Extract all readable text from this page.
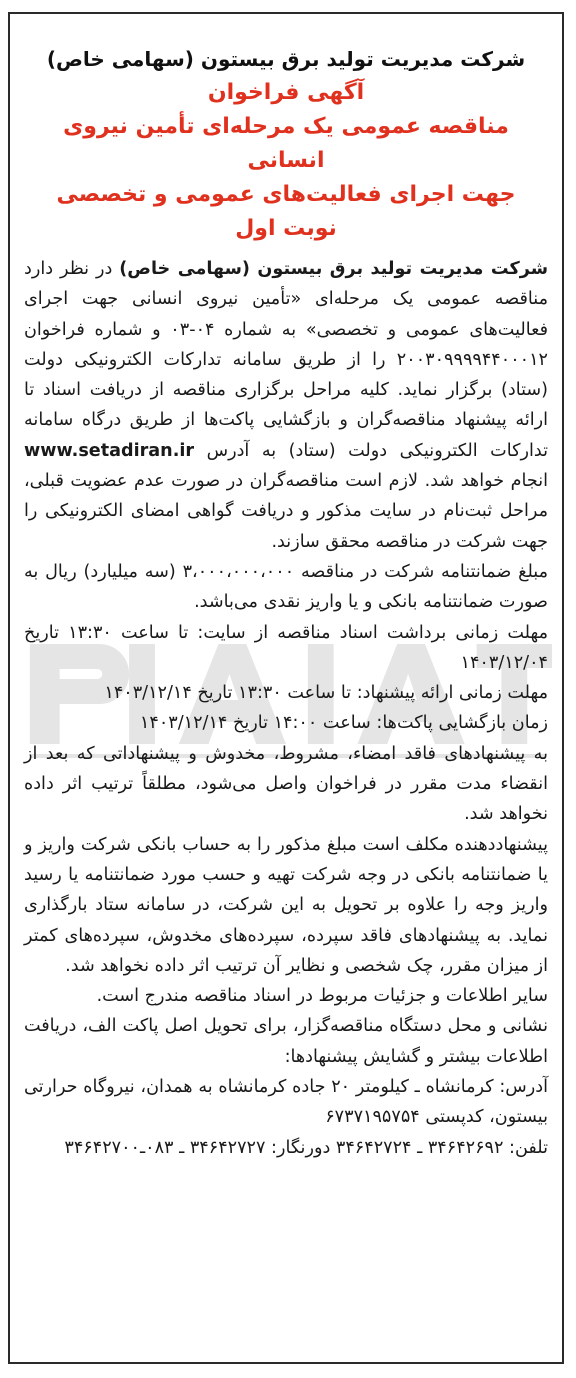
شرکت مدیریت تولید برق بیستون (سهامی خاص)
آگهی فراخوان
مناقصه عمومی یک مرحله‌ای تأمین نیروی انسانی
جهت اجرای فعالیت‌های عمومی و تخصصی
نوبت اول

شرکت مدیریت تولید برق بیستون (سهامی خاص) در نظر دارد مناقصه عمومی یک مرحله‌ای «تأمین نیروی انسانی جهت اجرای فعالیت‌های عمومی و تخصصی» به شماره ۰۴-۰۳ و شماره فراخوان ۲۰۰۳۰۹۹۹۹۴۴۰۰۰۱۲ را از طریق سامانه تدارکات الکترونیکی دولت (ستاد) برگزار نماید. کلیه مراحل برگزاری مناقصه از دریافت اسناد تا ارائه پیشنهاد مناقصه‌گران و بازگشایی پاکت‌ها از طریق درگاه سامانه تدارکات الکترونیکی دولت (ستاد) به آدرس www.setadiran.ir انجام خواهد شد. لازم است مناقصه‌گران در صورت عدم عضویت قبلی، مراحل ثبت‌نام در سایت مذکور و دریافت گواهی امضای الکترونیکی را جهت شرکت در مناقصه محقق سازند.

مبلغ ضمانتنامه شرکت در مناقصه ۳،۰۰۰،۰۰۰،۰۰۰ (سه میلیارد) ریال به صورت ضمانتنامه بانکی و یا واریز نقدی می‌باشد.

مهلت زمانی برداشت اسناد مناقصه از سایت: تا ساعت ۱۳:۳۰ تاریخ ۱۴۰۳/۱۲/۰۴

مهلت زمانی ارائه پیشنهاد: تا ساعت ۱۳:۳۰ تاریخ ۱۴۰۳/۱۲/۱۴

زمان بازگشایی پاکت‌ها: ساعت ۱۴:۰۰ تاریخ ۱۴۰۳/۱۲/۱۴

به پیشنهادهای فاقد امضاء، مشروط، مخدوش و پیشنهاداتی که بعد از انقضاء مدت مقرر در فراخوان واصل می‌شود، مطلقاً ترتیب اثر داده نخواهد شد.

پیشنهاددهنده مکلف است مبلغ مذکور را به حساب بانکی شرکت واریز و یا ضمانتنامه بانکی در وجه شرکت تهیه و حسب مورد ضمانتنامه یا رسید واریز وجه را علاوه بر تحویل به این شرکت، در سامانه ستاد بارگذاری نماید. به پیشنهادهای فاقد سپرده، سپرده‌های مخدوش، سپرده‌های کمتر از میزان مقرر، چک شخصی و نظایر آن ترتیب اثر داده نخواهد شد.

سایر اطلاعات و جزئیات مربوط در اسناد مناقصه مندرج است.

نشانی و محل دستگاه مناقصه‌گزار، برای تحویل اصل پاکت الف، دریافت اطلاعات بیشتر و گشایش پیشنهادها:

آدرس: کرمانشاه ـ کیلومتر ۲۰ جاده کرمانشاه به همدان، نیروگاه حرارتی بیستون، کدپستی ۶۷۳۷۱۹۵۷۵۴

تلفن: ۳۴۶۴۲۶۹۲ ـ ۳۴۶۴۲۷۲۴ دورنگار: ۳۴۶۴۲۷۲۷ ـ ۰۸۳ـ۳۴۶۴۲۷۰۰
